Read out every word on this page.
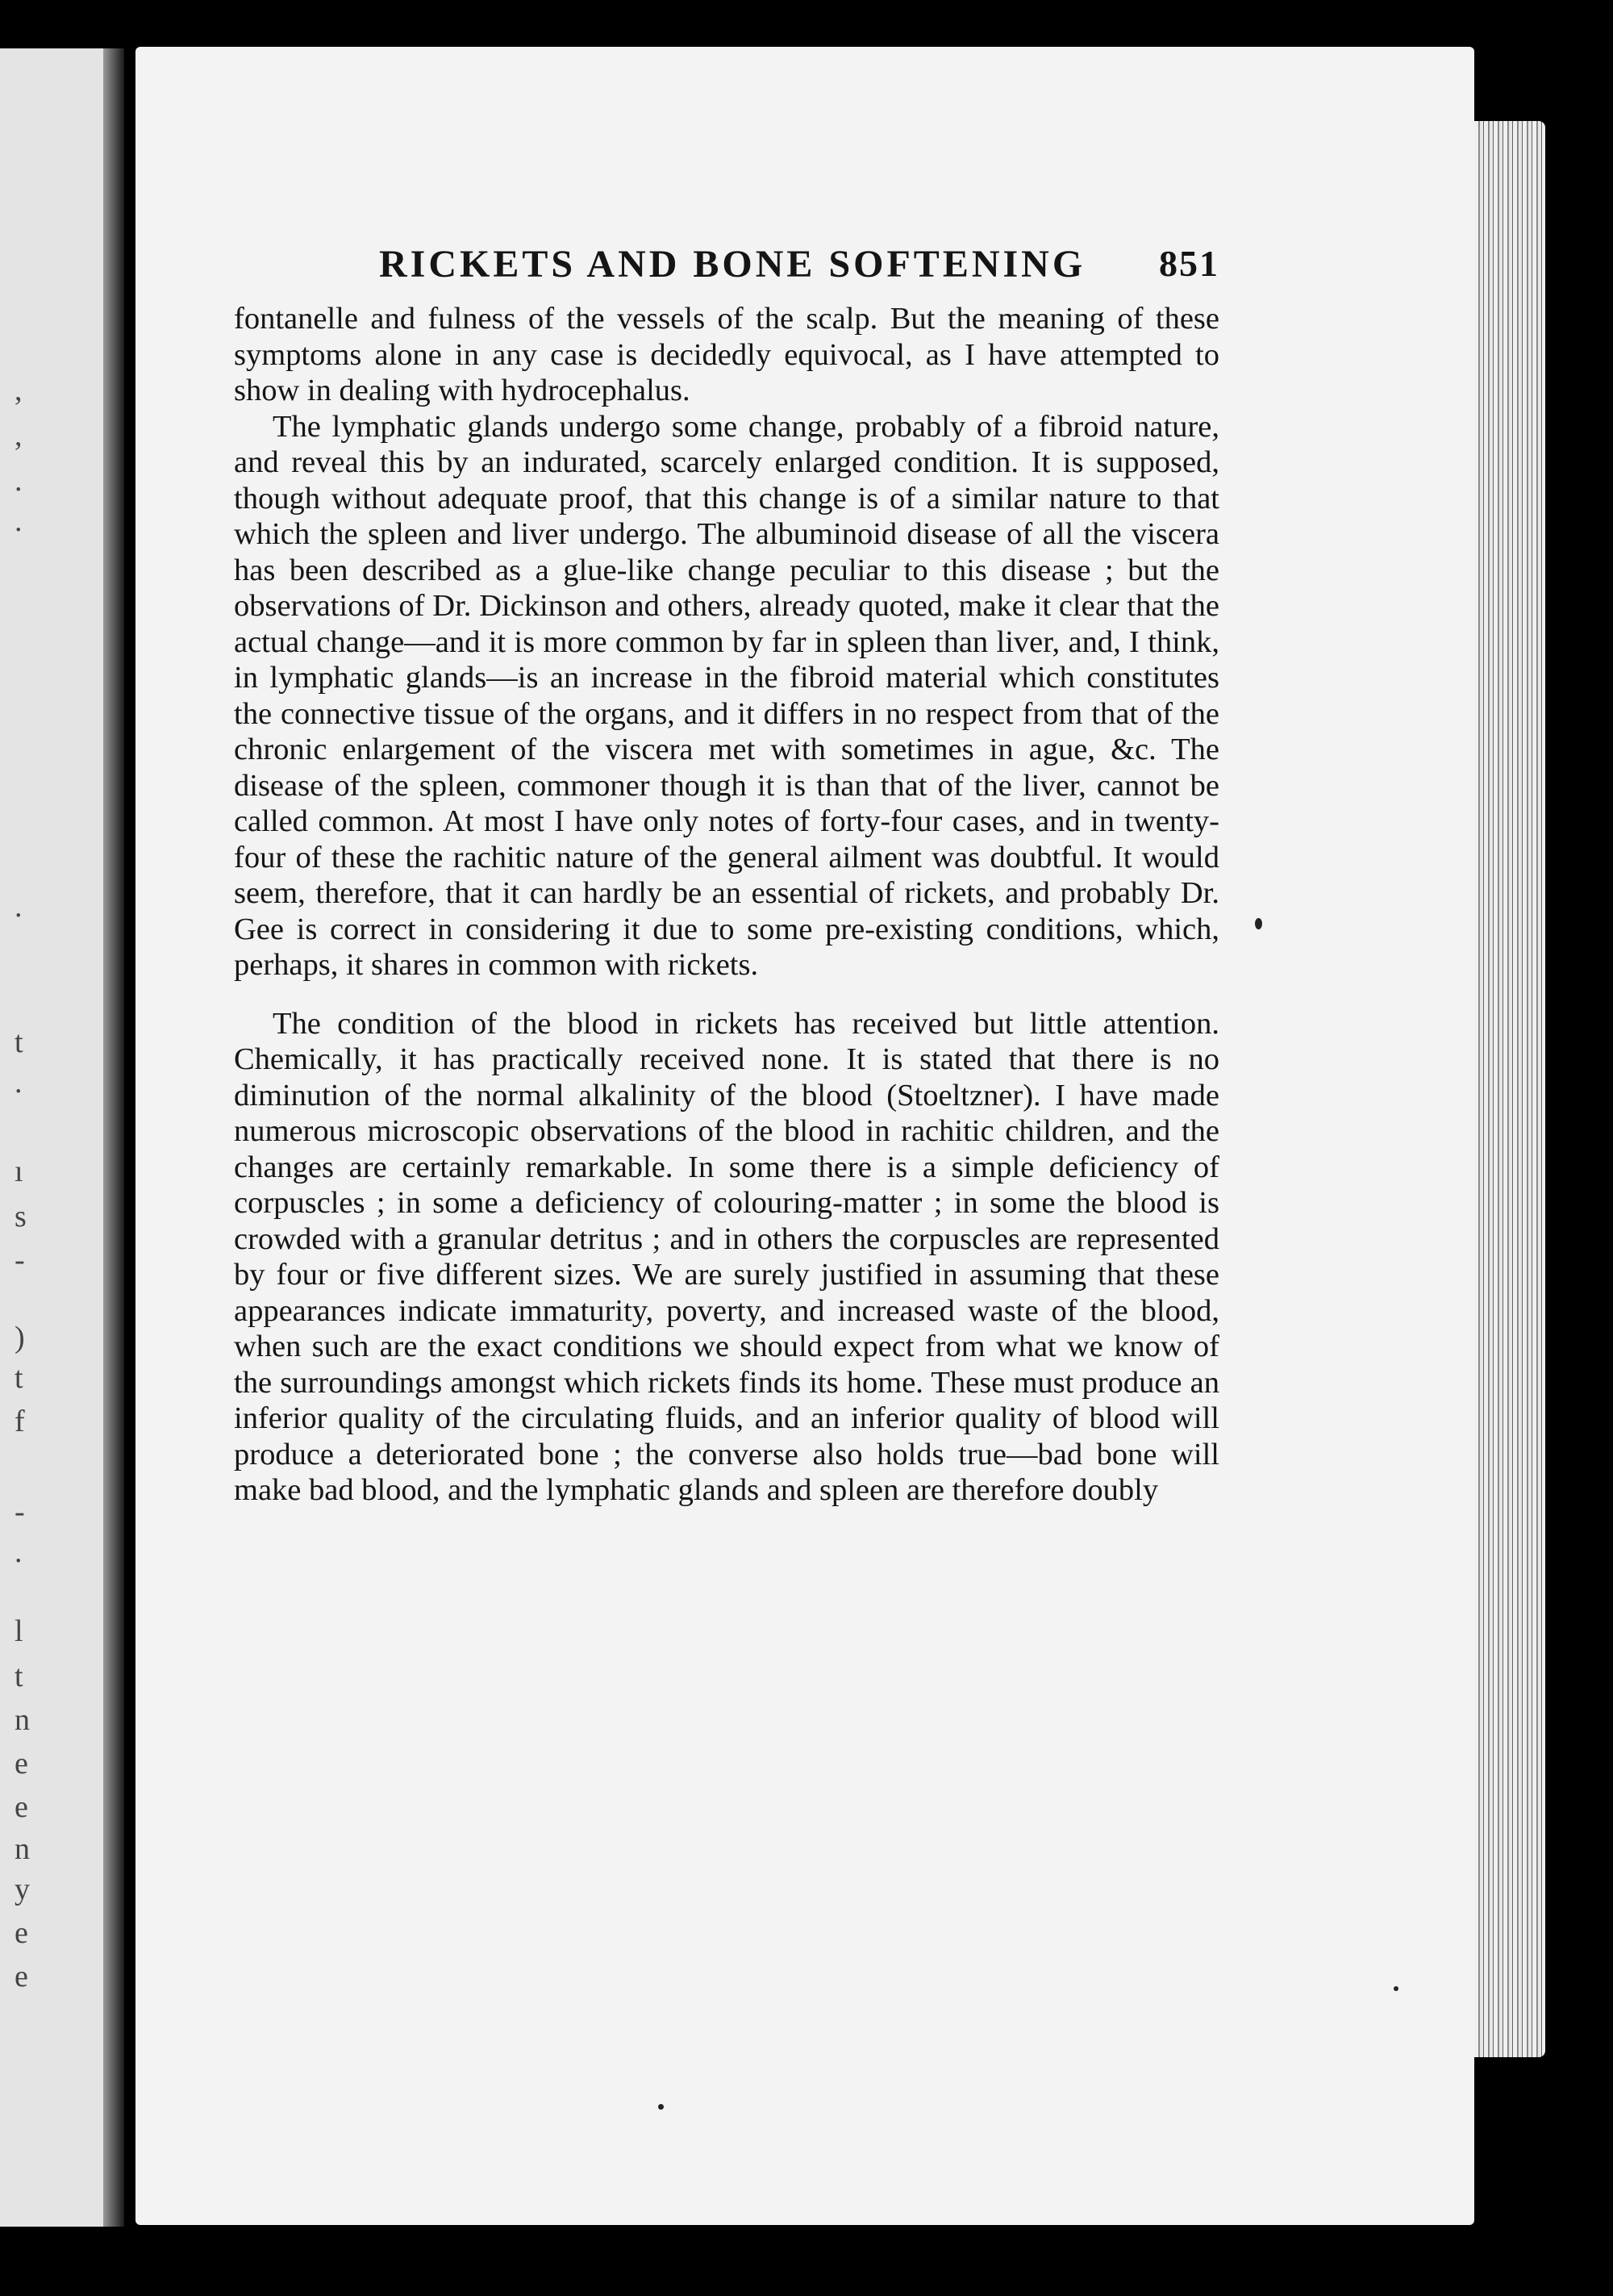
,
,
.
.
.
t
.
ı
s
-
)
t
f
-
.
l
t
n
e
e
n
y
e
e
RICKETS AND BONE SOFTENING 851

fontanelle and fulness of the vessels of the scalp. But the meaning of these symptoms alone in any case is decidedly equivocal, as I have attempted to show in dealing with hydrocephalus.

The lymphatic glands undergo some change, probably of a fibroid nature, and reveal this by an indurated, scarcely enlarged condition. It is supposed, though without adequate proof, that this change is of a similar nature to that which the spleen and liver undergo. The albuminoid disease of all the viscera has been described as a glue-like change peculiar to this disease ; but the observations of Dr. Dickinson and others, already quoted, make it clear that the actual change—and it is more common by far in spleen than liver, and, I think, in lymphatic glands—is an increase in the fibroid material which constitutes the connective tissue of the organs, and it differs in no respect from that of the chronic enlargement of the viscera met with sometimes in ague, &c. The disease of the spleen, commoner though it is than that of the liver, cannot be called common. At most I have only notes of forty-four cases, and in twenty-four of these the rachitic nature of the general ailment was doubtful. It would seem, therefore, that it can hardly be an essential of rickets, and probably Dr. Gee is correct in considering it due to some pre-existing conditions, which, perhaps, it shares in common with rickets.

The condition of the blood in rickets has received but little attention. Chemically, it has practically received none. It is stated that there is no diminution of the normal alkalinity of the blood (Stoeltzner). I have made numerous microscopic observations of the blood in rachitic children, and the changes are certainly remarkable. In some there is a simple deficiency of corpuscles ; in some a deficiency of colouring-matter ; in some the blood is crowded with a granular detritus ; and in others the corpuscles are represented by four or five different sizes. We are surely justified in assuming that these appearances indicate immaturity, poverty, and increased waste of the blood, when such are the exact conditions we should expect from what we know of the surroundings amongst which rickets finds its home. These must produce an inferior quality of the circulating fluids, and an inferior quality of blood will produce a deteriorated bone ; the converse also holds true—bad bone will make bad blood, and the lymphatic glands and spleen are therefore doubly
